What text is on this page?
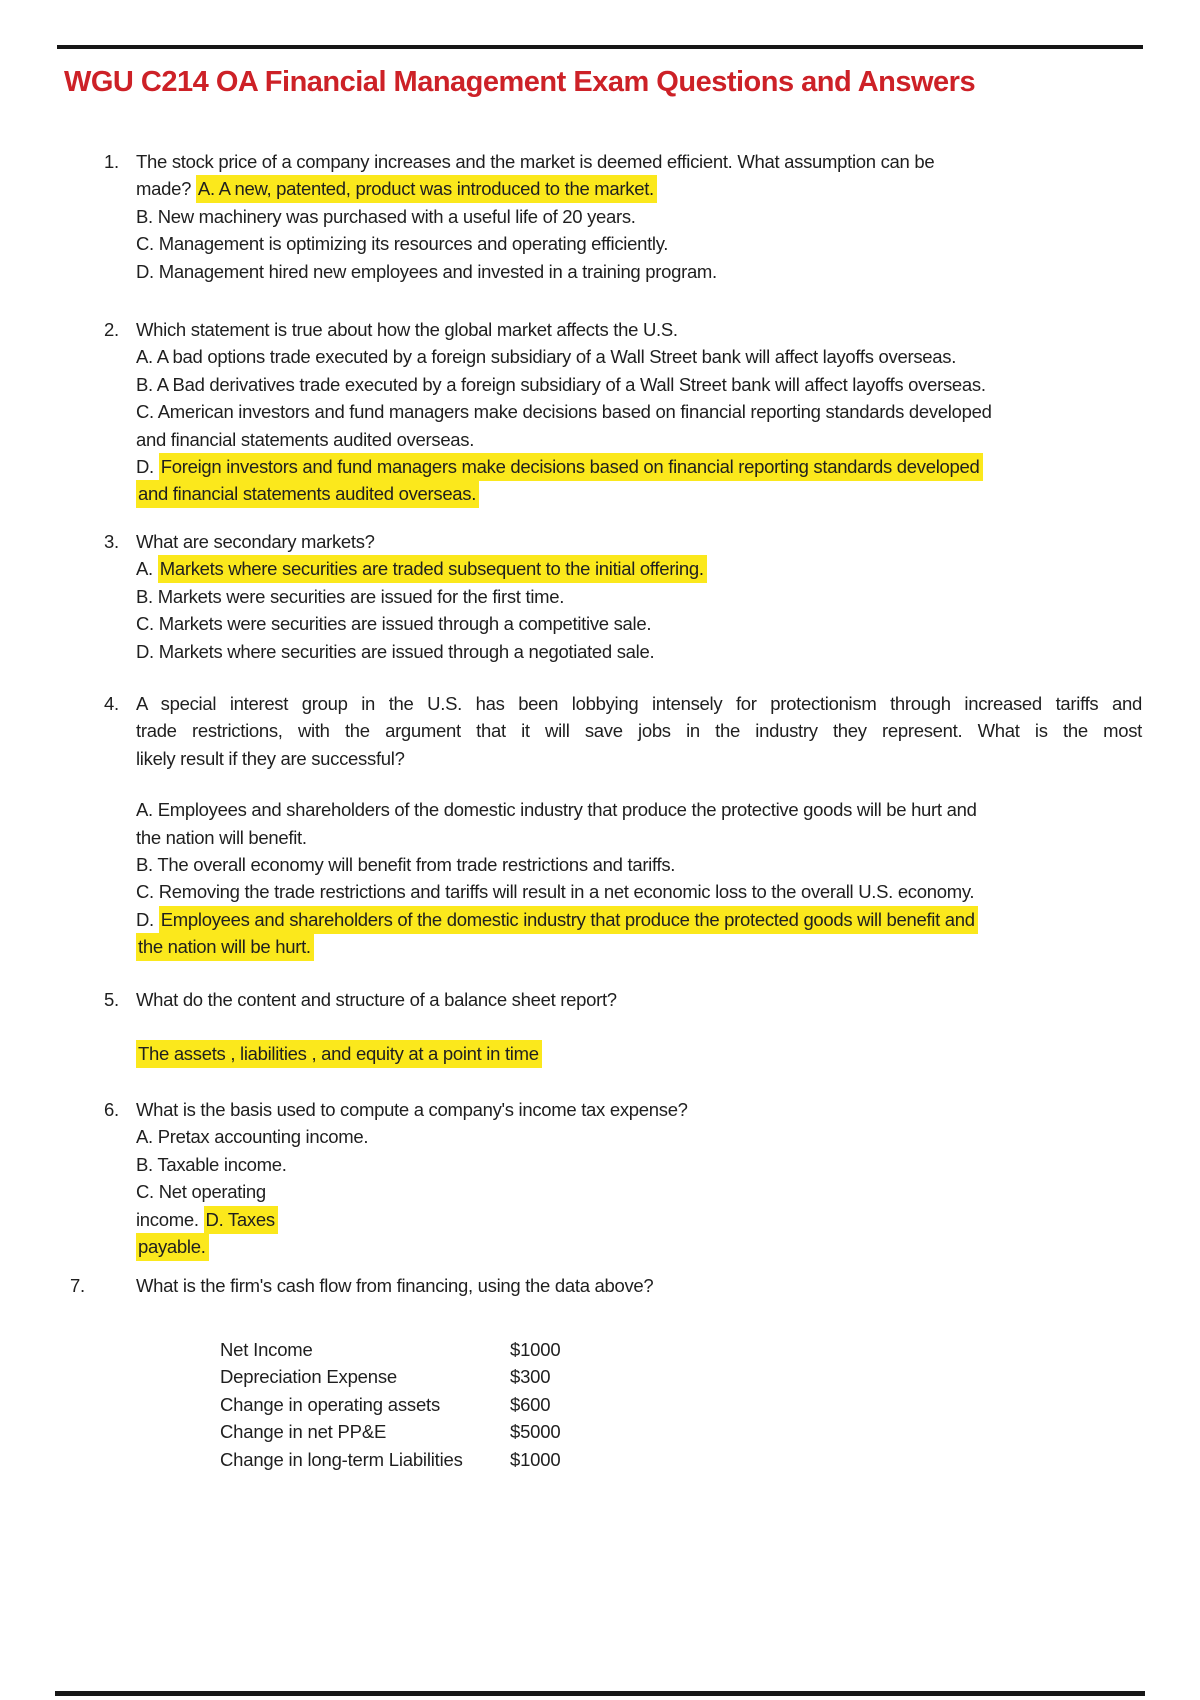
WGU C214 OA Financial Management Exam Questions and Answers
1. The stock price of a company increases and the market is deemed efficient. What assumption can be
made? A. A new, patented, product was introduced to the market.
B. New machinery was purchased with a useful life of 20 years.
C. Management is optimizing its resources and operating efficiently.
D. Management hired new employees and invested in a training program.
2. Which statement is true about how the global market affects the U.S.
A. A bad options trade executed by a foreign subsidiary of a Wall Street bank will affect layoffs overseas.
B. A Bad derivatives trade executed by a foreign subsidiary of a Wall Street bank will affect layoffs overseas.
C. American investors and fund managers make decisions based on financial reporting standards developed
and financial statements audited overseas.
D. Foreign investors and fund managers make decisions based on financial reporting standards developed
and financial statements audited overseas.
3. What are secondary markets?
A. Markets where securities are traded subsequent to the initial offering.
B. Markets were securities are issued for the first time.
C. Markets were securities are issued through a competitive sale.
D. Markets where securities are issued through a negotiated sale.
4. A special interest group in the U.S. has been lobbying intensely for protectionism through increased tariffs and
trade restrictions, with the argument that it will save jobs in the industry they represent. What is the most
likely result if they are successful?
A. Employees and shareholders of the domestic industry that produce the protective goods will be hurt and
the nation will benefit.
B. The overall economy will benefit from trade restrictions and tariffs.
C. Removing the trade restrictions and tariffs will result in a net economic loss to the overall U.S. economy.
D. Employees and shareholders of the domestic industry that produce the protected goods will benefit and
the nation will be hurt.
5. What do the content and structure of a balance sheet report?
The assets , liabilities , and equity at a point in time
6. What is the basis used to compute a company's income tax expense?
A. Pretax accounting income.
B. Taxable income.
C. Net operating
income. D. Taxes
payable.
7.	What is the firm's cash flow from financing, using the data above?
Net Income	$1000
Depreciation Expense	$300
Change in operating assets	$600
Change in net PP&E	$5000
Change in long-term Liabilities	$1000
